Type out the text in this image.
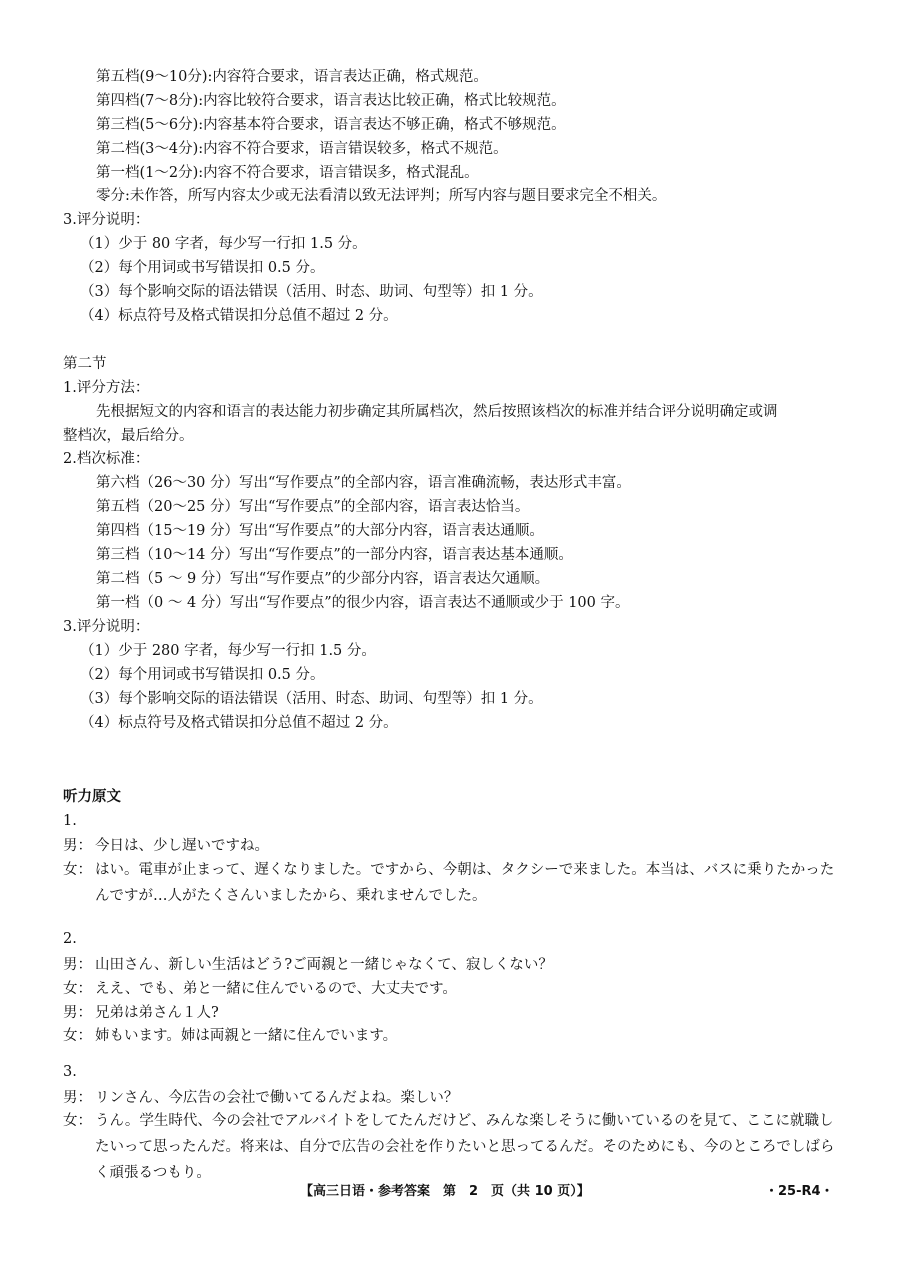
第五档(9～10分):内容符合要求，语言表达正确，格式规范。
第四档(7～8分):内容比较符合要求，语言表达比较正确，格式比较规范。
第三档(5～6分):内容基本符合要求，语言表达不够正确，格式不够规范。
第二档(3～4分):内容不符合要求，语言错误较多，格式不规范。
第一档(1～2分):内容不符合要求，语言错误多，格式混乱。
零分:未作答，所写内容太少或无法看清以致无法评判；所写内容与题目要求完全不相关。
3.评分说明：
（1）少于 80 字者，每少写一行扣 1.5 分。
（2）每个用词或书写错误扣 0.5 分。
（3）每个影响交际的语法错误（活用、时态、助词、句型等）扣 1 分。
（4）标点符号及格式错误扣分总值不超过 2 分。
第二节
1.评分方法：
先根据短文的内容和语言的表达能力初步确定其所属档次，然后按照该档次的标准并结合评分说明确定或调
整档次，最后给分。
2.档次标准：
第六档（26～30 分）写出“写作要点”的全部内容，语言准确流畅，表达形式丰富。
第五档（20～25 分）写出“写作要点”的全部内容，语言表达恰当。
第四档（15～19 分）写出“写作要点”的大部分内容，语言表达通顺。
第三档（10～14 分）写出“写作要点”的一部分内容，语言表达基本通顺。
第二档（5 ～ 9 分）写出“写作要点”的少部分内容，语言表达欠通顺。
第一档（0 ～ 4 分）写出“写作要点”的很少内容，语言表达不通顺或少于 100 字。
3.评分说明：
（1）少于 280 字者，每少写一行扣 1.5 分。
（2）每个用词或书写错误扣 0.5 分。
（3）每个影响交际的语法错误（活用、时态、助词、句型等）扣 1 分。
（4）标点符号及格式错误扣分总值不超过 2 分。
听力原文
1.
男： 今日は、少し遅いですね。
女： はい。電車が止まって、遅くなりました。ですから、今朝は、タクシーで来ました。本当は、バスに乗りたかったんですが…人がたくさんいましたから、乗れませんでした。
2.
男： 山田さん、新しい生活はどう?ご両親と一緒じゃなくて、寂しくない？
女： ええ、でも、弟と一緒に住んでいるので、大丈夫です。
男： 兄弟は弟さん１人?
女： 姉もいます。姉は両親と一緒に住んでいます。
3.
男： リンさん、今広告の会社で働いてるんだよね。楽しい？
女： うん。学生時代、今の会社でアルバイトをしてたんだけど、みんな楽しそうに働いているのを見て、ここに就職したいって思ったんだ。将来は、自分で広告の会社を作りたいと思ってるんだ。そのためにも、今のところでしばらく頑張るつもり。
【高三日语・参考答案　第　2　页（共 10 页）】	・25-R4・
